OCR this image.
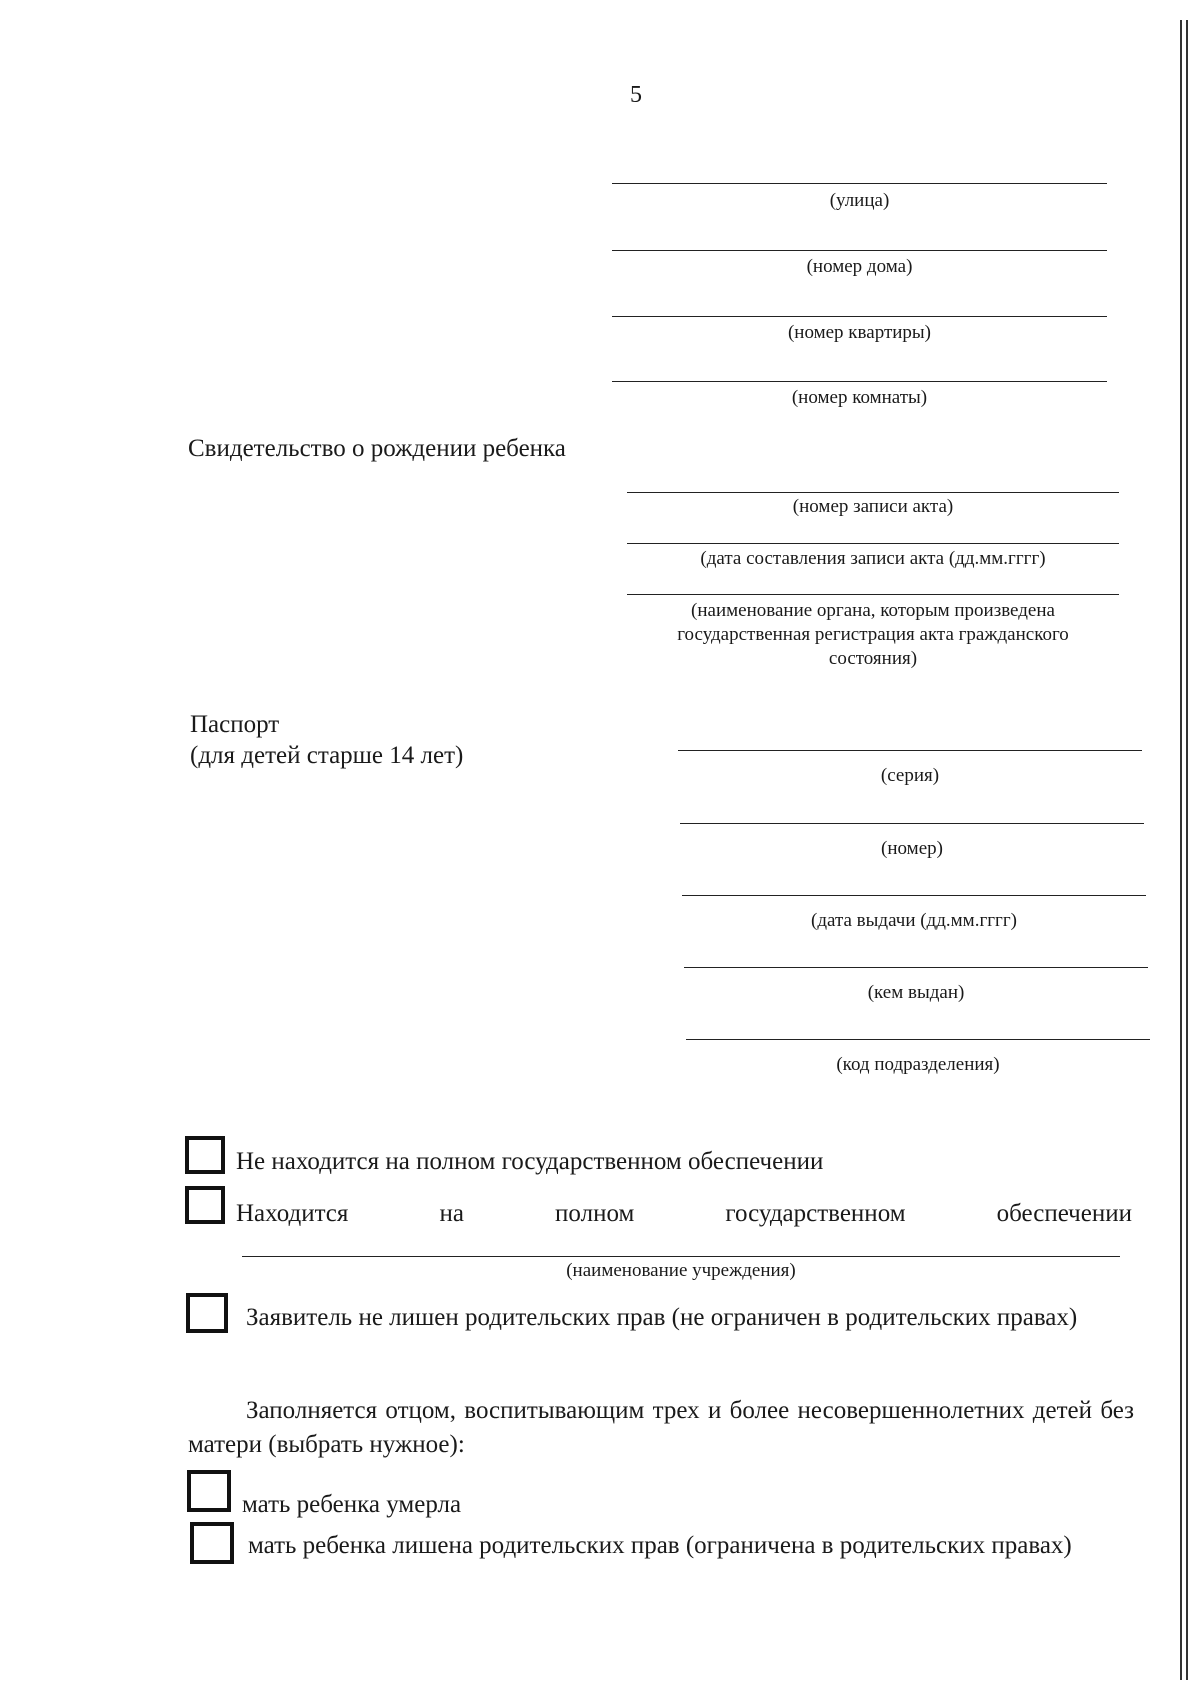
5
(улица)
(номер дома)
(номер квартиры)
(номер комнаты)
Свидетельство о рождении ребенка
(номер записи акта)
(дата составления записи акта (дд.мм.гггг)
(наименование органа, которым произведена государственная регистрация акта гражданского состояния)
Паспорт
(для детей старше 14 лет)
(серия)
(номер)
(дата выдачи (дд.мм.гггг)
(кем выдан)
(код подразделения)
Не находится на полном государственном обеспечении
Находится на полном государственном обеспечении
(наименование учреждения)
Заявитель не лишен родительских прав (не ограничен в родительских правах)
Заполняется отцом, воспитывающим трех и более несовершеннолетних детей без матери (выбрать нужное):
мать ребенка умерла
мать ребенка лишена родительских прав (ограничена в родительских правах)
